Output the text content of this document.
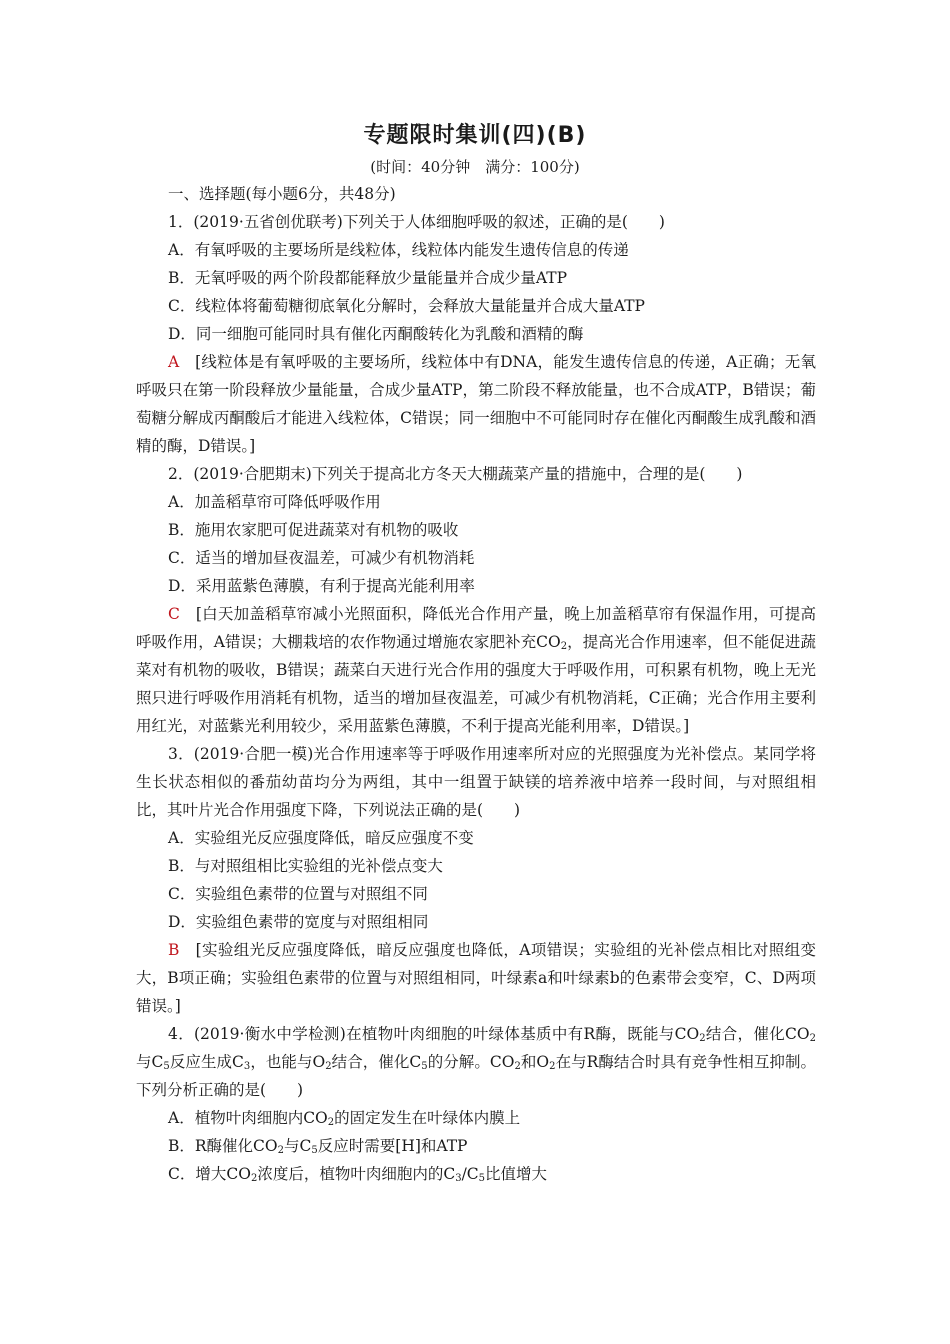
专题限时集训(四)(B)
(时间：40分钟　满分：100分)

一、选择题(每小题6分，共48分)

1．(2019·五省创优联考)下列关于人体细胞呼吸的叙述，正确的是(　　)

A．有氧呼吸的主要场所是线粒体，线粒体内能发生遗传信息的传递

B．无氧呼吸的两个阶段都能释放少量能量并合成少量ATP

C．线粒体将葡萄糖彻底氧化分解时，会释放大量能量并合成大量ATP

D．同一细胞可能同时具有催化丙酮酸转化为乳酸和酒精的酶

A　 [线粒体是有氧呼吸的主要场所，线粒体中有DNA，能发生遗传信息的传递，A正确；无氧呼吸只在第一阶段释放少量能量，合成少量ATP，第二阶段不释放能量，也不合成ATP，B错误；葡萄糖分解成丙酮酸后才能进入线粒体，C错误；同一细胞中不可能同时存在催化丙酮酸生成乳酸和酒精的酶，D错误。]

2．(2019·合肥期末)下列关于提高北方冬天大棚蔬菜产量的措施中，合理的是(　　)

A．加盖稻草帘可降低呼吸作用

B．施用农家肥可促进蔬菜对有机物的吸收

C．适当的增加昼夜温差，可减少有机物消耗

D．采用蓝紫色薄膜，有利于提高光能利用率

C　 [白天加盖稻草帘减小光照面积，降低光合作用产量，晚上加盖稻草帘有保温作用，可提高呼吸作用，A错误；大棚栽培的农作物通过增施农家肥补充$CO_2$，提高光合作用速率，但不能促进蔬菜对有机物的吸收，B错误；蔬菜白天进行光合作用的强度大于呼吸作用，可积累有机物，晚上无光照只进行呼吸作用消耗有机物，适当的增加昼夜温差，可减少有机物消耗，C正确；光合作用主要利用红光，对蓝紫光利用较少，采用蓝紫色薄膜，不利于提高光能利用率，D错误。]

3．(2019·合肥一模)光合作用速率等于呼吸作用速率所对应的光照强度为光补偿点。某同学将生长状态相似的番茄幼苗均分为两组，其中一组置于缺镁的培养液中培养一段时间，与对照组相比，其叶片光合作用强度下降，下列说法正确的是(　　)

A．实验组光反应强度降低，暗反应强度不变

B．与对照组相比实验组的光补偿点变大

C．实验组色素带的位置与对照组不同

D．实验组色素带的宽度与对照组相同

B　 [实验组光反应强度降低，暗反应强度也降低，A项错误；实验组的光补偿点相比对照组变大，B项正确；实验组色素带的位置与对照组相同，叶绿素a和叶绿素b的色素带会变窄，C、D两项错误。]

4．(2019·衡水中学检测)在植物叶肉细胞的叶绿体基质中有R酶，既能与$CO_2$结合，催化$CO_2$与$C_5$反应生成$C_3$，也能与$O_2$结合，催化$C_5$的分解。$CO_2$和$O_2$在与R酶结合时具有竞争性相互抑制。下列分析正确的是(　　)

A．植物叶肉细胞内$CO_2$的固定发生在叶绿体内膜上

B．R酶催化$CO_2$与$C_5$反应时需要[H]和ATP

C．增大$CO_2$浓度后，植物叶肉细胞内的$C_3/C_5$比值增大
